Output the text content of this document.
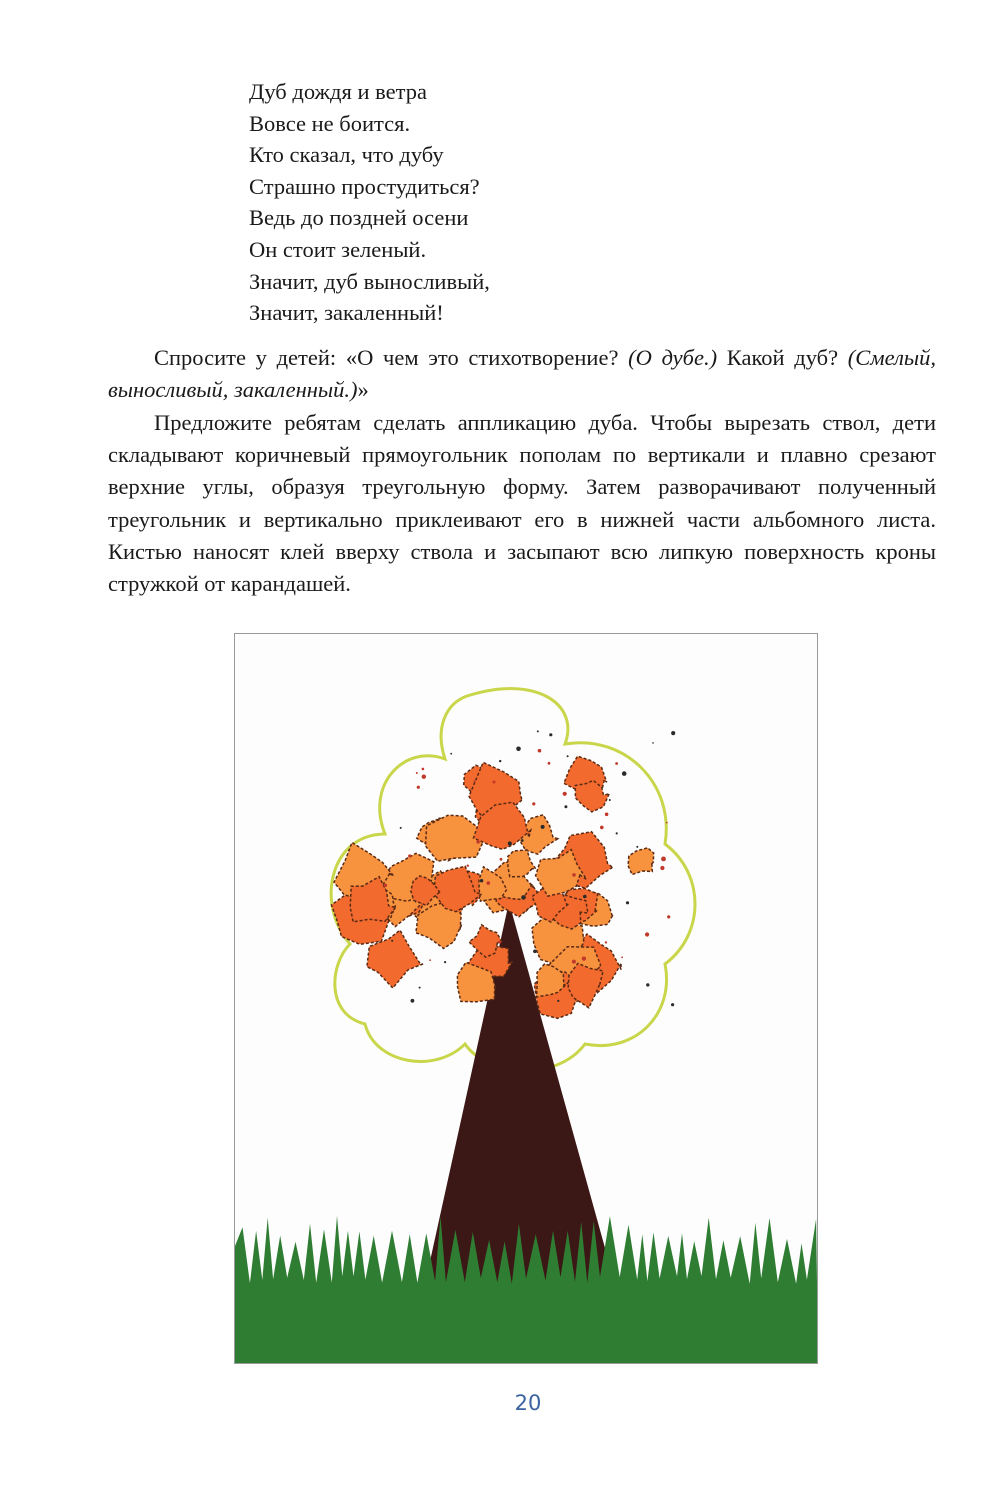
Дуб дождя и ветра
Вовсе не боится.
Кто сказал, что дубу
Страшно простудиться?
Ведь до поздней осени
Он стоит зеленый.
Значит, дуб выносливый,
Значит, закаленный!

Спросите у детей: «О чем это стихотворение? (О дубе.) Какой дуб? (Смелый, выносливый, закаленный.)»

Предложите ребятам сделать аппликацию дуба. Чтобы вырезать ствол, дети складывают коричневый прямоугольник пополам по вертикали и плавно срезают верхние углы, образуя треугольную форму. Затем разворачивают полученный треугольник и вертикально приклеивают его в нижней части альбомного листа. Кистью наносят клей вверху ствола и засыпают всю липкую поверхность кроны стружкой от карандашей.

20
